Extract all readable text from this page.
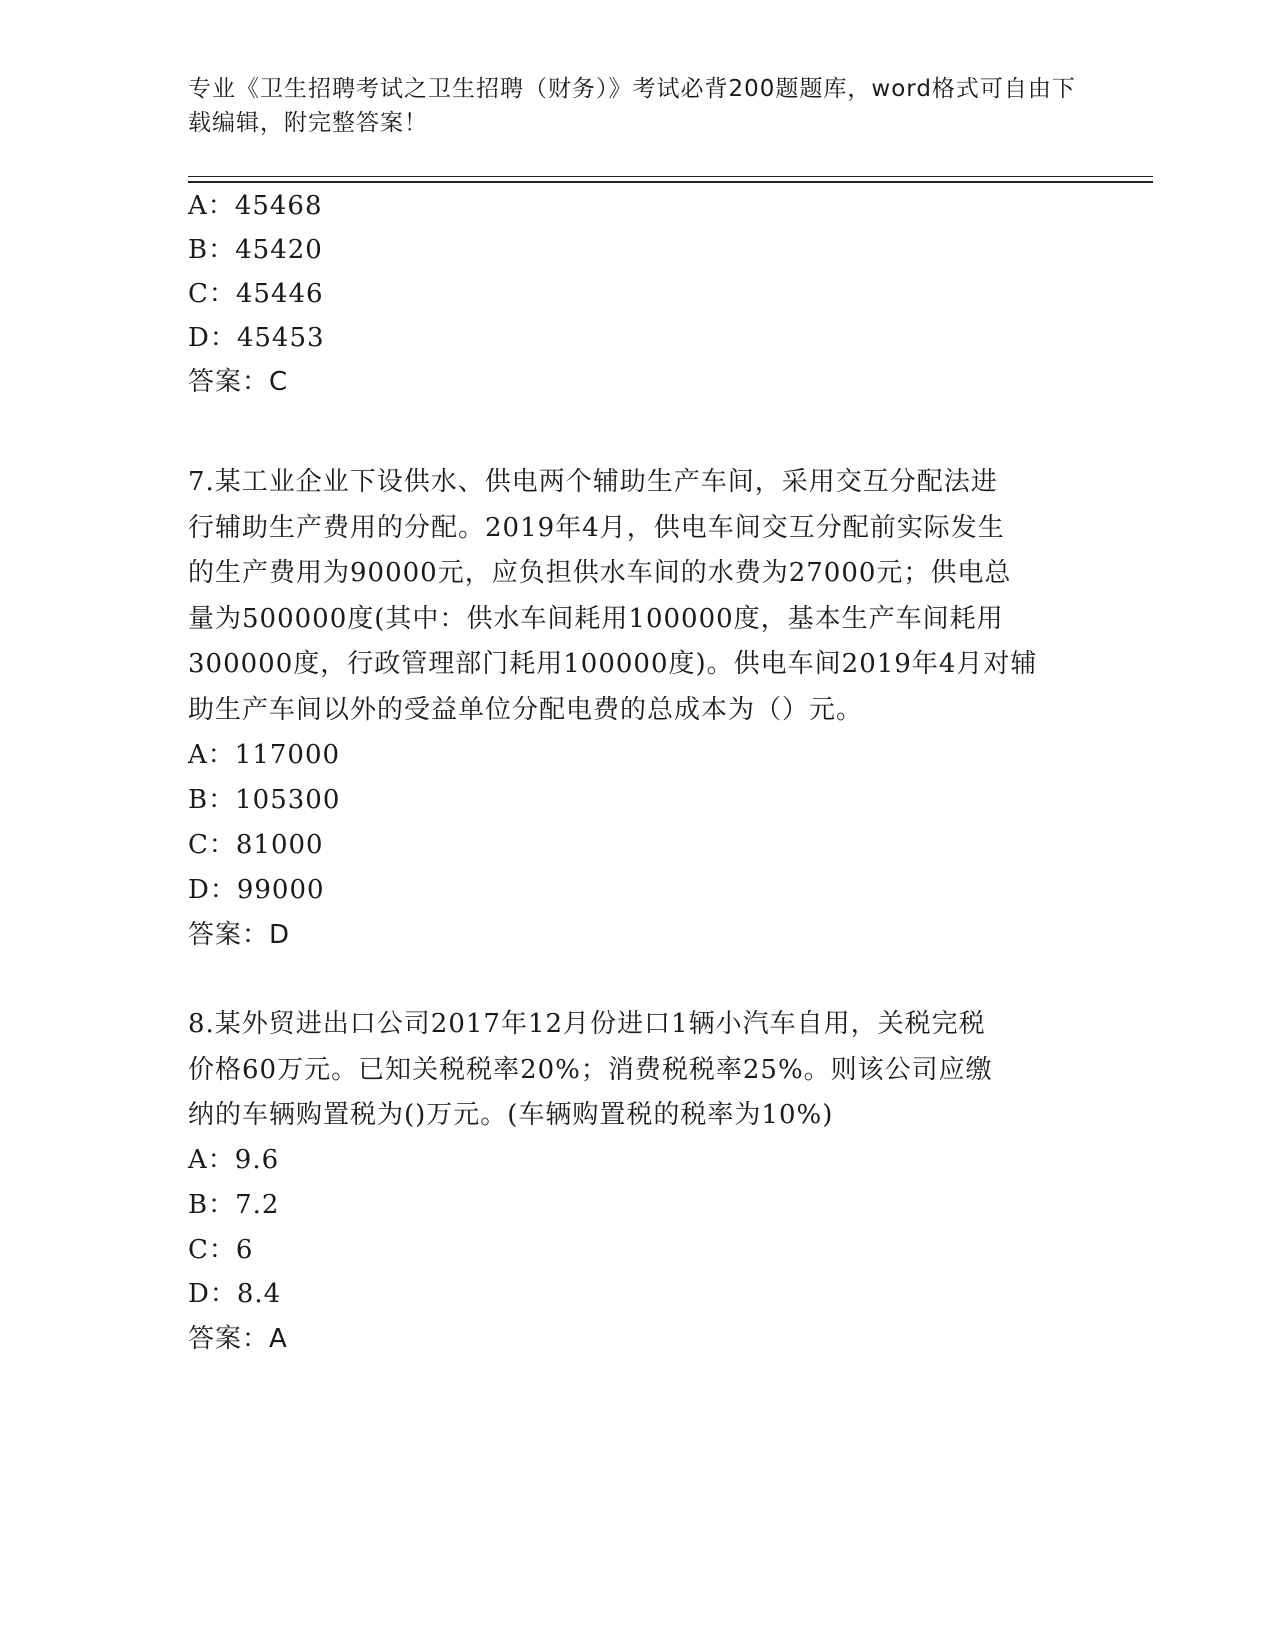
专业《卫生招聘考试之卫生招聘（财务）》考试必背200题题库，word格式可自由下载编辑，附完整答案！
A：45468
B：45420
C：45446
D：45453
答案：C
7.某工业企业下设供水、供电两个辅助生产车间，采用交互分配法进
行辅助生产费用的分配。2019年4月，供电车间交互分配前实际发生
的生产费用为90000元，应负担供水车间的水费为27000元；供电总
量为500000度(其中：供水车间耗用100000度，基本生产车间耗用
300000度，行政管理部门耗用100000度)。供电车间2019年4月对辅
助生产车间以外的受益单位分配电费的总成本为（）元。
A：117000
B：105300
C：81000
D：99000
答案：D
8.某外贸进出口公司2017年12月份进口1辆小汽车自用，关税完税
价格60万元。已知关税税率20%；消费税税率25%。则该公司应缴
纳的车辆购置税为()万元。(车辆购置税的税率为10%)
A：9.6
B：7.2
C：6
D：8.4
答案：A
